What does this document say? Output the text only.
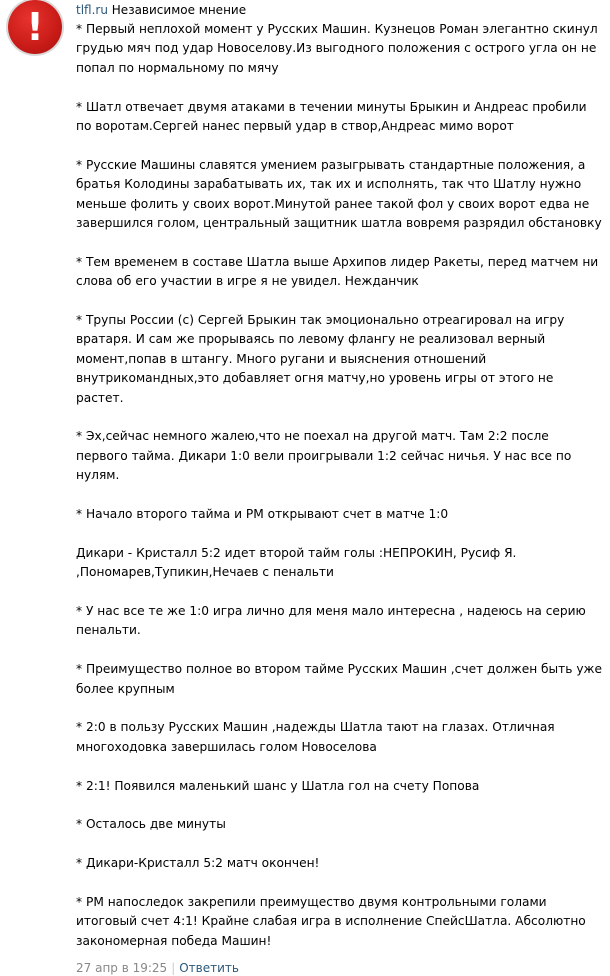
!	tlfl.ru Независимое мнение

* Первый неплохой момент у Русских Машин. Кузнецов Роман элегантно скинул грудью мяч под удар Новоселову.Из выгодного положения с острого угла он не попал по нормальному по мячу

* Шатл отвечает двумя атаками в течении минуты Брыкин и Андреас пробили по воротам.Сергей нанес первый удар в створ,Андреас мимо ворот

* Русские Машины славятся умением разыгрывать стандартные положения, а братья Колодины зарабатывать их, так их и исполнять, так что Шатлу нужно меньше фолить у своих ворот.Минутой ранее такой фол у своих ворот едва не завершился голом, центральный защитник шатла вовремя разрядил обстановку

* Тем временем в составе Шатла выше Архипов лидер Ракеты, перед матчем ни слова об его участии в игре я не увидел. Нежданчик

* Трупы России (с) Сергей Брыкин так эмоционально отреагировал на игру вратаря. И сам же прорываясь по левому флангу не реализовал верный момент,попав в штангу. Много ругани и выяснения отношений внутрикомандных,это добавляет огня матчу,но уровень игры от этого не растет.

* Эх,сейчас немного жалею,что не поехал на другой матч. Там 2:2 после первого тайма. Дикари 1:0 вели проигрывали 1:2 сейчас ничья. У нас все по нулям.

* Начало второго тайма и РМ открывают счет в матче 1:0

Дикари - Кристалл 5:2 идет второй тайм голы :НЕПРОКИН, Русиф Я. ,Пономарев,Тупикин,Нечаев с пенальти

* У нас все те же 1:0 игра лично для меня мало интересна , надеюсь на серию пенальти.

* Преимущество полное во втором тайме Русских Машин ,счет должен быть уже более крупным

* 2:0 в пользу Русских Машин ,надежды Шатла тают на глазах. Отличная многоходовка завершилась голом Новоселова

* 2:1! Появился маленький шанс у Шатла гол на счету Попова

* Осталось две минуты

* Дикари-Кристалл 5:2 матч окончен!

* РМ напоследок закрепили преимущество двумя контрольными голами итоговый счет 4:1! Крайне слабая игра в исполнение СпейсШатла. Абсолютно закономерная победа Машин!

27 апр в 19:25 | Ответить
